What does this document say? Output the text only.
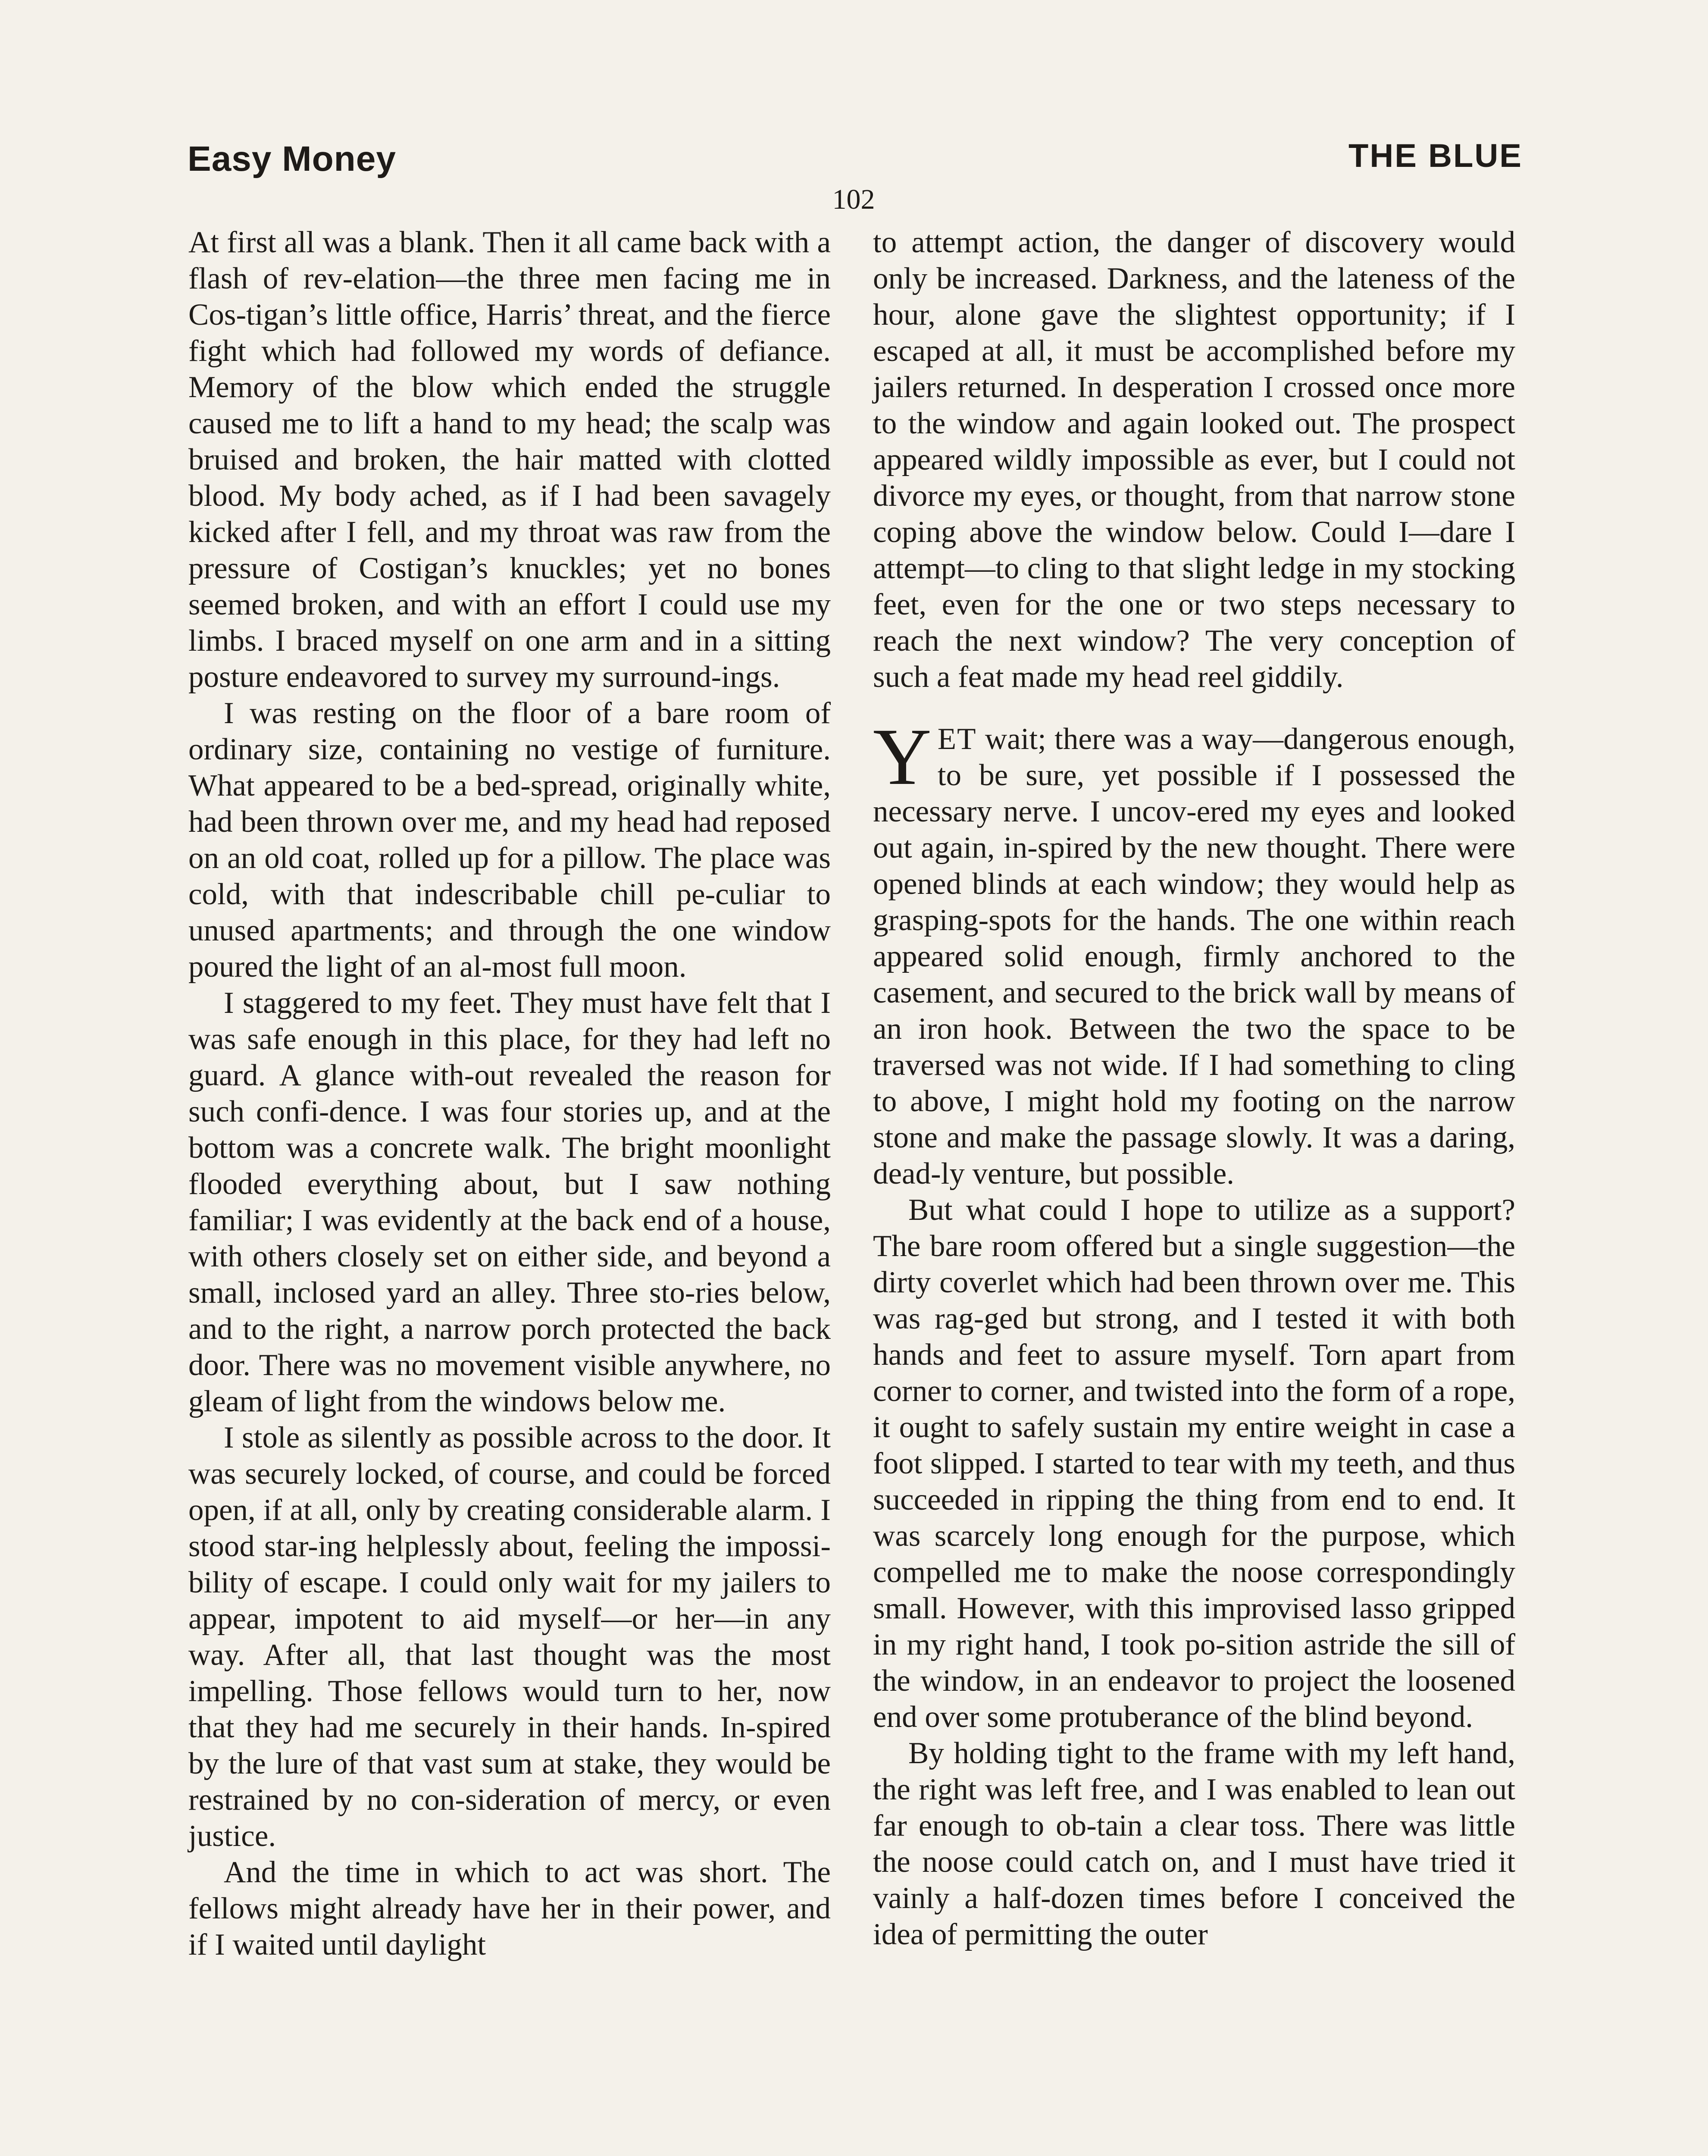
Easy Money	THE BLUE
102

At first all was a blank. Then it all came back with a flash of rev-elation—the three men facing me in Cos-tigan’s little office, Harris’ threat, and the fierce fight which had followed my words of defiance. Memory of the blow which ended the struggle caused me to lift a hand to my head; the scalp was bruised and broken, the hair matted with clotted blood. My body ached, as if I had been savagely kicked after I fell, and my throat was raw from the pressure of Costigan’s knuckles; yet no bones seemed broken, and with an effort I could use my limbs. I braced myself on one arm and in a sitting posture endeavored to survey my surround-ings.

I was resting on the floor of a bare room of ordinary size, containing no vestige of furniture. What appeared to be a bed-spread, originally white, had been thrown over me, and my head had reposed on an old coat, rolled up for a pillow. The place was cold, with that indescribable chill pe-culiar to unused apartments; and through the one window poured the light of an al-most full moon.

I staggered to my feet. They must have felt that I was safe enough in this place, for they had left no guard. A glance with-out revealed the reason for such confi-dence. I was four stories up, and at the bottom was a concrete walk. The bright moonlight flooded everything about, but I saw nothing familiar; I was evidently at the back end of a house, with others closely set on either side, and beyond a small, inclosed yard an alley. Three sto-ries below, and to the right, a narrow porch protected the back door. There was no movement visible anywhere, no gleam of light from the windows below me.

I stole as silently as possible across to the door. It was securely locked, of course, and could be forced open, if at all, only by creating considerable alarm. I stood star-ing helplessly about, feeling the impossi-bility of escape. I could only wait for my jailers to appear, impotent to aid myself—or her—in any way. After all, that last thought was the most impelling. Those fellows would turn to her, now that they had me securely in their hands. In-spired by the lure of that vast sum at stake, they would be restrained by no con-sideration of mercy, or even justice.

And the time in which to act was short. The fellows might already have her in their power, and if I waited until daylight

to attempt action, the danger of discovery would only be increased. Darkness, and the lateness of the hour, alone gave the slightest opportunity; if I escaped at all, it must be accomplished before my jailers returned. In desperation I crossed once more to the window and again looked out. The prospect appeared wildly impossible as ever, but I could not divorce my eyes, or thought, from that narrow stone coping above the window below. Could I—dare I attempt—to cling to that slight ledge in my stocking feet, even for the one or two steps necessary to reach the next window? The very conception of such a feat made my head reel giddily.

YET wait; there was a way—dangerous enough, to be sure, yet possible if I possessed the necessary nerve. I uncov-ered my eyes and looked out again, in-spired by the new thought. There were opened blinds at each window; they would help as grasping-spots for the hands. The one within reach appeared solid enough, firmly anchored to the casement, and secured to the brick wall by means of an iron hook. Between the two the space to be traversed was not wide. If I had something to cling to above, I might hold my footing on the narrow stone and make the passage slowly. It was a daring, dead-ly venture, but possible.

But what could I hope to utilize as a support? The bare room offered but a single suggestion—the dirty coverlet which had been thrown over me. This was rag-ged but strong, and I tested it with both hands and feet to assure myself. Torn apart from corner to corner, and twisted into the form of a rope, it ought to safely sustain my entire weight in case a foot slipped. I started to tear with my teeth, and thus succeeded in ripping the thing from end to end. It was scarcely long enough for the purpose, which compelled me to make the noose correspondingly small. However, with this improvised lasso gripped in my right hand, I took po-sition astride the sill of the window, in an endeavor to project the loosened end over some protuberance of the blind beyond.

By holding tight to the frame with my left hand, the right was left free, and I was enabled to lean out far enough to ob-tain a clear toss. There was little the noose could catch on, and I must have tried it vainly a half-dozen times before I conceived the idea of permitting the outer
